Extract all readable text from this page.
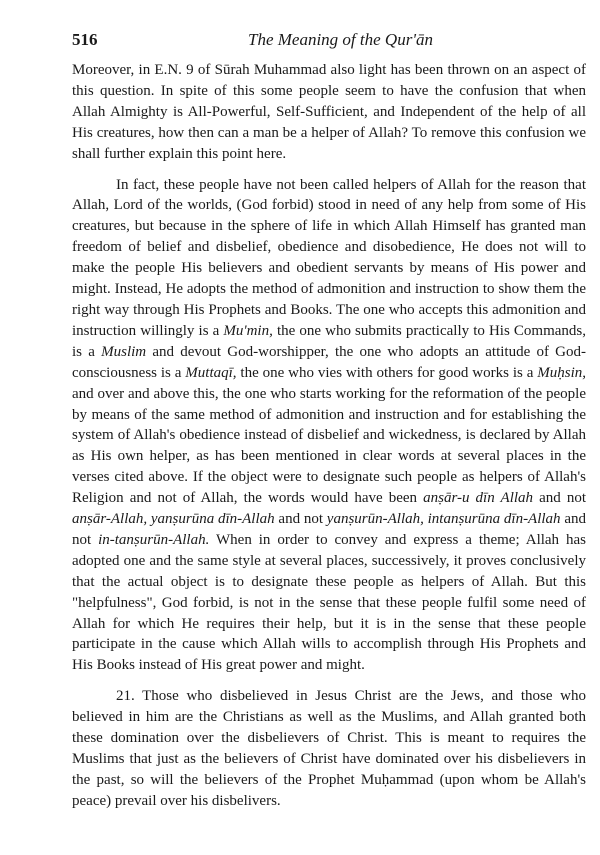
516	The Meaning of the Qur'ān

Moreover, in E.N. 9 of Sūrah Muhammad also light has been thrown on an aspect of this question. In spite of this some people seem to have the confusion that when Allah Almighty is All-Powerful, Self-Sufficient, and Independent of the help of all His creatures, how then can a man be a helper of Allah? To remove this confusion we shall further explain this point here.

In fact, these people have not been called helpers of Allah for the reason that Allah, Lord of the worlds, (God forbid) stood in need of any help from some of His creatures, but because in the sphere of life in which Allah Himself has granted man freedom of belief and disbelief, obedience and disobedience, He does not will to make the people His believers and obedient servants by means of His power and might. Instead, He adopts the method of admonition and instruction to show them the right way through His Prophets and Books. The one who accepts this admonition and instruction willingly is a Mu'min, the one who submits practically to His Commands, is a Muslim and devout God-worshipper, the one who adopts an attitude of God-consciousness is a Muttaqī, the one who vies with others for good works is a Muḥsin, and over and above this, the one who starts working for the reformation of the people by means of the same method of admonition and instruction and for establishing the system of Allah's obedience instead of disbelief and wickedness, is declared by Allah as His own helper, as has been mentioned in clear words at several places in the verses cited above. If the object were to designate such people as helpers of Allah's Religion and not of Allah, the words would have been anṣār-u dīn Allah and not anṣār-Allah, yanṣurūna dīn-Allah and not yanṣurūn-Allah, intanṣurūna dīn-Allah and not in-tanṣurūn-Allah. When in order to convey and express a theme; Allah has adopted one and the same style at several places, successively, it proves conclusively that the actual object is to designate these people as helpers of Allah. But this "helpfulness", God forbid, is not in the sense that these people fulfil some need of Allah for which He requires their help, but it is in the sense that these people participate in the cause which Allah wills to accomplish through His Prophets and His Books instead of His great power and might.

21. Those who disbelieved in Jesus Christ are the Jews, and those who believed in him are the Christians as well as the Muslims, and Allah granted both these domination over the disbelievers of Christ. This is meant to requires the Muslims that just as the believers of Christ have dominated over his disbelievers in the past, so will the believers of the Prophet Muḥammad (upon whom be Allah's peace) prevail over his disbelivers.
